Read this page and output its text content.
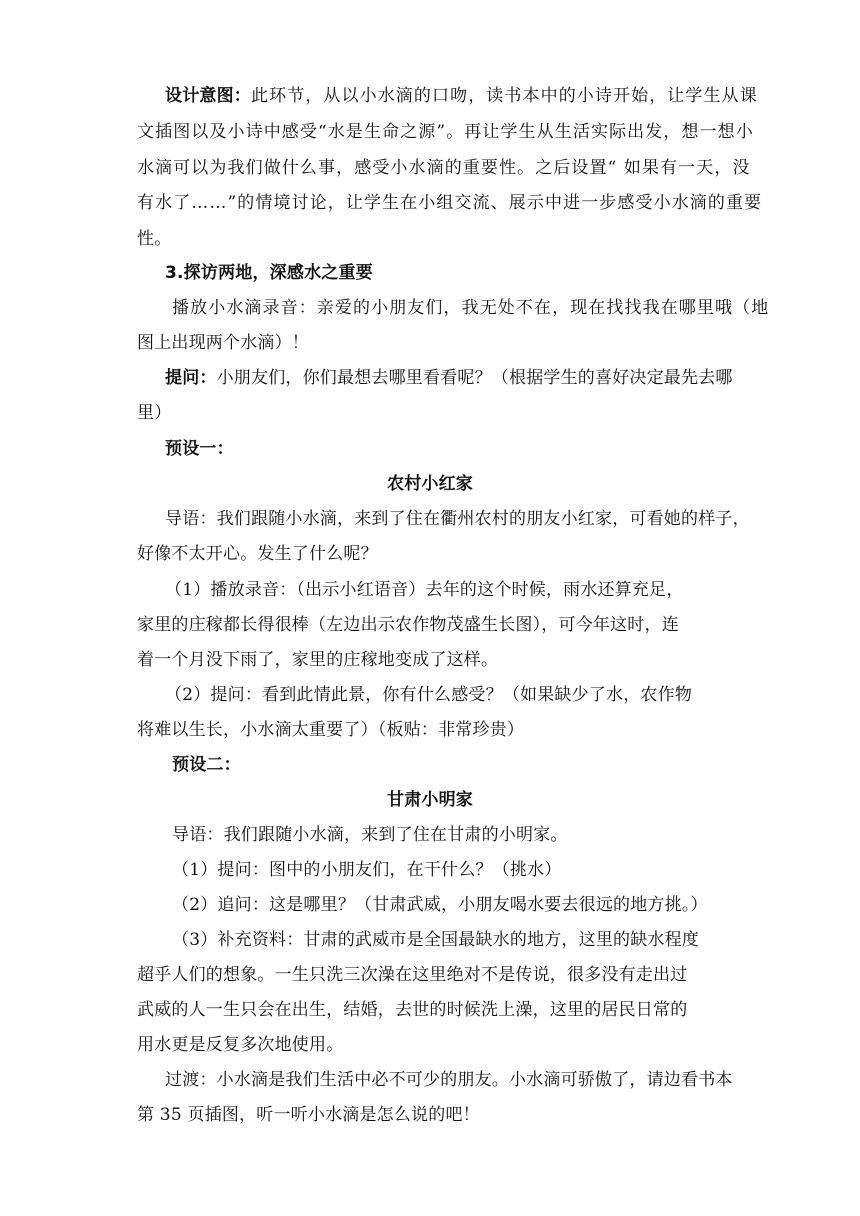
设计意图：此环节，从以小水滴的口吻，读书本中的小诗开始，让学生从课
文插图以及小诗中感受“水是生命之源”。再让学生从生活实际出发，想一想小
水滴可以为我们做什么事，感受小水滴的重要性。之后设置“ 如果有一天，没
有水了……”的情境讨论，让学生在小组交流、展示中进一步感受小水滴的重要
性。
3.探访两地，深感水之重要
播放小水滴录音：亲爱的小朋友们，我无处不在，现在找找我在哪里哦（地
图上出现两个水滴）！
提问：小朋友们，你们最想去哪里看看呢？（根据学生的喜好决定最先去哪
里）
预设一：
农村小红家
导语：我们跟随小水滴，来到了住在衢州农村的朋友小红家，可看她的样子，
好像不太开心。发生了什么呢？
（1）播放录音：（出示小红语音）去年的这个时候，雨水还算充足，
家里的庄稼都长得很棒（左边出示农作物茂盛生长图），可今年这时，连
着一个月没下雨了，家里的庄稼地变成了这样。
（2）提问：看到此情此景，你有什么感受？（如果缺少了水，农作物
将难以生长，小水滴太重要了）（板贴：非常珍贵）
预设二：
甘肃小明家
导语：我们跟随小水滴，来到了住在甘肃的小明家。
（1）提问：图中的小朋友们，在干什么？（挑水）
（2）追问：这是哪里？（甘肃武威，小朋友喝水要去很远的地方挑。）
（3）补充资料：甘肃的武威市是全国最缺水的地方，这里的缺水程度
超乎人们的想象。一生只洗三次澡在这里绝对不是传说，很多没有走出过
武威的人一生只会在出生，结婚，去世的时候洗上澡，这里的居民日常的
用水更是反复多次地使用。
过渡：小水滴是我们生活中必不可少的朋友。小水滴可骄傲了，请边看书本
第 35 页插图，听一听小水滴是怎么说的吧！
